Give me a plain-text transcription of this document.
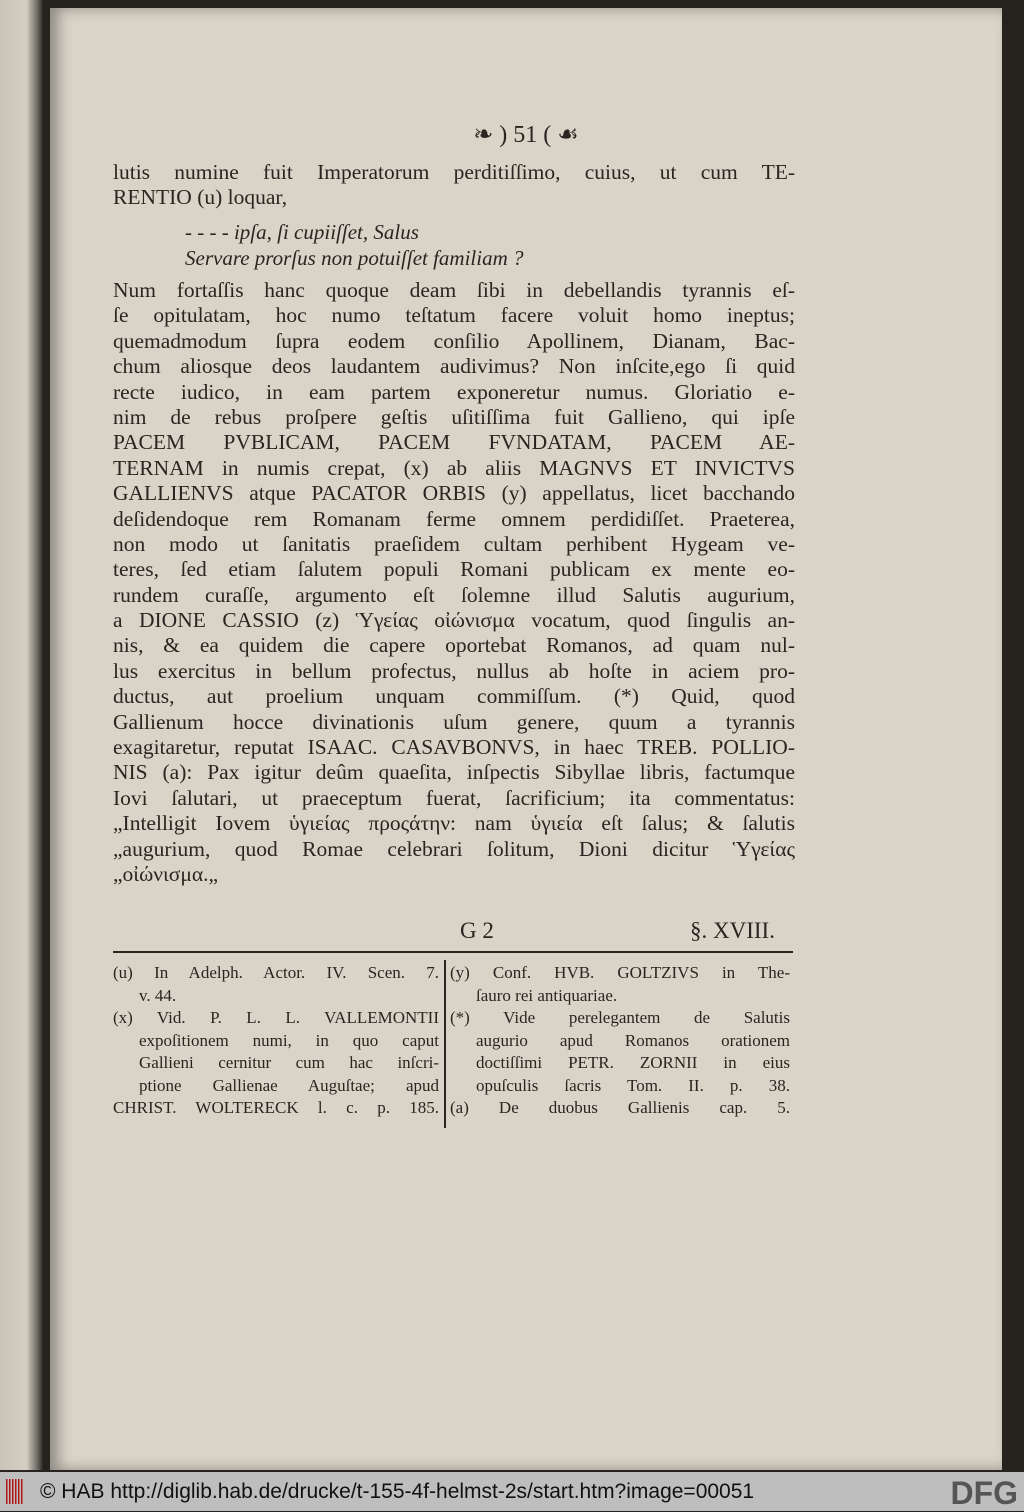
❧ ) 51 ( ☙
lutis numine fuit Imperatorum perditiſſimo, cuius, ut cum TE-
RENTIO (u) loquar,
- - - - ipſa, ſi cupiiſſet, Salus
Servare prorſus non potuiſſet familiam ?
Num fortaſſis hanc quoque deam ſibi in debellandis tyrannis eſ-
ſe opitulatam, hoc numo teſtatum facere voluit homo ineptus;
quemadmodum ſupra eodem conſilio Apollinem, Dianam, Bac-
chum aliosque deos laudantem audivimus? Non inſcite,ego ſi quid
recte iudico, in eam partem exponeretur numus. Gloriatio e-
nim de rebus proſpere geſtis uſitiſſima fuit Gallieno, qui ipſe
PACEM PVBLICAM, PACEM FVNDATAM, PACEM AE-
TERNAM in numis crepat, (x) ab aliis MAGNVS ET INVICTVS
GALLIENVS atque PACATOR ORBIS (y) appellatus, licet bacchando
deſidendoque rem Romanam ferme omnem perdidiſſet. Praeterea,
non modo ut ſanitatis praeſidem cultam perhibent Hygeam ve-
teres, ſed etiam ſalutem populi Romani publicam ex mente eo-
rundem curaſſe, argumento eſt ſolemne illud Salutis augurium,
a DIONE CASSIO (z) Ὑγείας οἰώνισμα vocatum, quod ſingulis an-
nis, & ea quidem die capere oportebat Romanos, ad quam nul-
lus exercitus in bellum profectus, nullus ab hoſte in aciem pro-
ductus, aut proelium unquam commiſſum. (*) Quid, quod
Gallienum hocce divinationis uſum genere, quum a tyrannis
exagitaretur, reputat ISAAC. CASAVBONVS, in haec TREB. POLLIO-
NIS (a): Pax igitur deûm quaeſita, inſpectis Sibyllae libris, factumque
Iovi ſalutari, ut praeceptum fuerat, ſacrificium; ita commentatus:
„Intelligit Iovem ὑγιείας προςάτην: nam ὑγιεία eſt ſalus; & ſalutis
„augurium, quod Romae celebrari ſolitum, Dioni dicitur Ὑγείας
„οἰώνισμα.„
G 2	§. XVIII.
(u) In Adelph. Actor. IV. Scen. 7.
v. 44.
(x) Vid. P. L. L. VALLEMONTII
expoſitionem numi, in quo caput
Gallieni cernitur cum hac inſcri-
ptione Gallienae Auguſtae; apud
CHRIST. WOLTERECK l. c. p. 185.
(y) Conf. HVB. GOLTZIVS in The-
ſauro rei antiquariae.
(*) Vide perelegantem de Salutis
augurio apud Romanos orationem
doctiſſimi PETR. ZORNII in eius
opuſculis ſacris Tom. II. p. 38.
(a) De duobus Gallienis cap. 5.
© HAB http://diglib.hab.de/drucke/t-155-4f-helmst-2s/start.htm?image=00051	DFG
